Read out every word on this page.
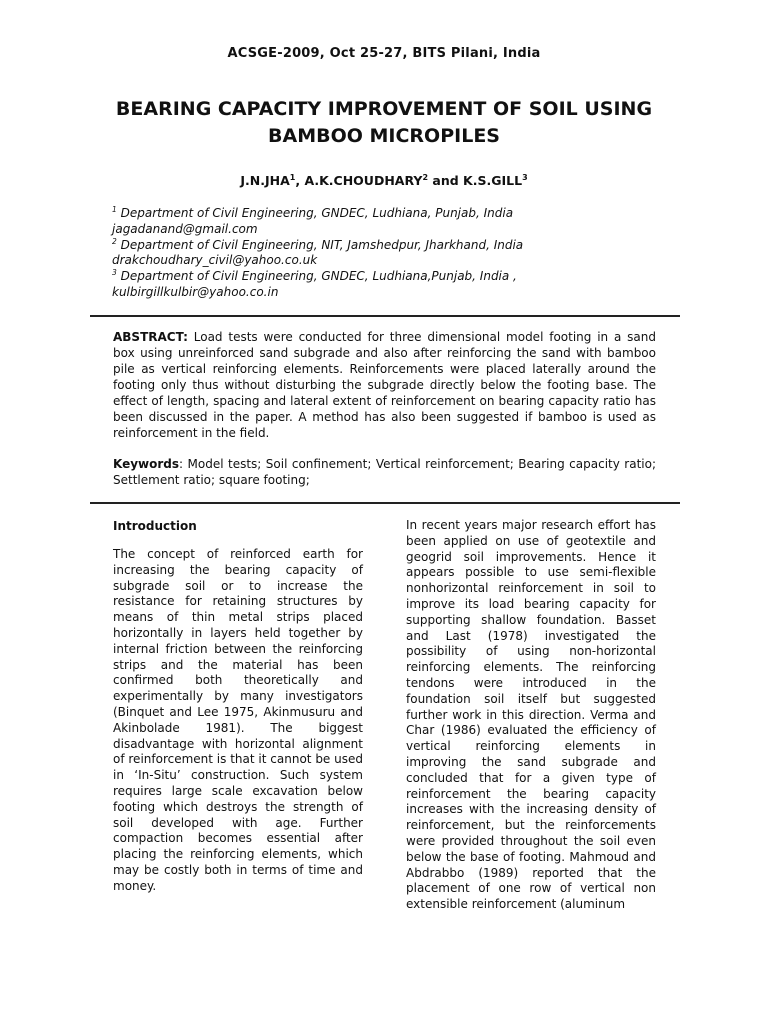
ACSGE-2009, Oct 25-27, BITS Pilani, India
BEARING CAPACITY IMPROVEMENT OF SOIL USING BAMBOO MICROPILES
J.N.JHA$^1$, A.K.CHOUDHARY$^2$ and K.S.GILL$^3$
$^1$ Department of Civil Engineering, GNDEC, Ludhiana, Punjab, India
jagadanand@gmail.com
$^2$ Department of Civil Engineering, NIT, Jamshedpur, Jharkhand, India
drakchoudhary_civil@yahoo.co.uk
$^3$ Department of Civil Engineering, GNDEC, Ludhiana,Punjab, India ,
kulbirgillkulbir@yahoo.co.in
ABSTRACT: Load tests were conducted for three dimensional model footing in a sand box using unreinforced sand subgrade and also after reinforcing the sand with bamboo pile as vertical reinforcing elements. Reinforcements were placed laterally around the footing only thus without disturbing the subgrade directly below the footing base. The effect of length, spacing and lateral extent of reinforcement on bearing capacity ratio has been discussed in the paper. A method has also been suggested if bamboo is used as reinforcement in the field.
Keywords: Model tests; Soil confinement; Vertical reinforcement; Bearing capacity ratio; Settlement ratio; square footing;
Introduction
The concept of reinforced earth for increasing the bearing capacity of subgrade soil or to increase the resistance for retaining structures by means of thin metal strips placed horizontally in layers held together by internal friction between the reinforcing strips and the material has been confirmed both theoretically and experimentally by many investigators (Binquet and Lee 1975, Akinmusuru and Akinbolade 1981). The biggest disadvantage with horizontal alignment of reinforcement is that it cannot be used in ‘In-Situ’ construction. Such system requires large scale excavation below footing which destroys the strength of soil developed with age. Further compaction becomes essential after placing the reinforcing elements, which may be costly both in terms of time and money.
In recent years major research effort has been applied on use of geotextile and geogrid soil improvements. Hence it appears possible to use semi-flexible nonhorizontal reinforcement in soil to improve its load bearing capacity for supporting shallow foundation. Basset and Last (1978) investigated the possibility of using non-horizontal reinforcing elements. The reinforcing tendons were introduced in the foundation soil itself but suggested further work in this direction. Verma and Char (1986) evaluated the efficiency of vertical reinforcing elements in improving the sand subgrade and concluded that for a given type of reinforcement the bearing capacity increases with the increasing density of reinforcement, but the reinforcements were provided throughout the soil even below the base of footing. Mahmoud and Abdrabbo (1989) reported that the placement of one row of vertical non extensible reinforcement (aluminum
